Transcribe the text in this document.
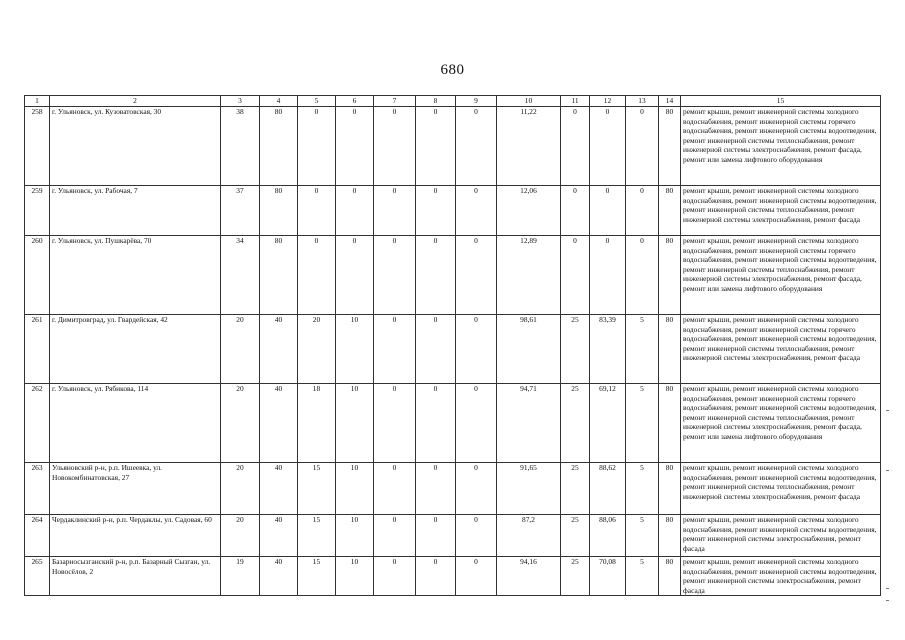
680
1	2	3	4	5	6	7	8	9	10	11	12	13	14	15
258	г. Ульяновск, ул. Кузоватовская, 30	38	80	0	0	0	0	0	11,22	0	0	0	80	ремонт крыши, ремонт инженерной системы холодного водоснабжения, ремонт инженерной системы горячего водоснабжения, ремонт инженерной системы водоотведения, ремонт инженерной системы теплоснабжения, ремонт инженерной системы электроснабжения, ремонт фасада, ремонт или замена лифтового оборудования
259	г. Ульяновск, ул. Рабочая, 7	37	80	0	0	0	0	0	12,06	0	0	0	80	ремонт крыши, ремонт инженерной системы холодного водоснабжения, ремонт инженерной системы водоотведения, ремонт инженерной системы теплоснабжения, ремонт инженерной системы электроснабжения, ремонт фасада
260	г. Ульяновск, ул. Пушкарёва, 70	34	80	0	0	0	0	0	12,89	0	0	0	80	ремонт крыши, ремонт инженерной системы холодного водоснабжения, ремонт инженерной системы горячего водоснабжения, ремонт инженерной системы водоотведения, ремонт инженерной системы теплоснабжения, ремонт инженерной системы электроснабжения, ремонт фасада, ремонт или замена лифтового оборудования
261	г. Димитровград, ул. Гвардейская, 42	20	40	20	10	0	0	0	98,61	25	83,39	5	80	ремонт крыши, ремонт инженерной системы холодного водоснабжения, ремонт инженерной системы горячего водоснабжения, ремонт инженерной системы водоотведения, ремонт инженерной системы теплоснабжения, ремонт инженерной системы электроснабжения, ремонт фасада
262	г. Ульяновск, ул. Рябикова, 114	20	40	18	10	0	0	0	94,71	25	69,12	5	80	ремонт крыши, ремонт инженерной системы холодного водоснабжения, ремонт инженерной системы горячего водоснабжения, ремонт инженерной системы водоотведения, ремонт инженерной системы теплоснабжения, ремонт инженерной системы электроснабжения, ремонт фасада, ремонт или замена лифтового оборудования
263	Ульяновский р-н, р.п. Ишеевка, ул. Новокомбинатовская, 27	20	40	15	10	0	0	0	91,65	25	88,62	5	80	ремонт крыши, ремонт инженерной системы холодного водоснабжения, ремонт инженерной системы водоотведения, ремонт инженерной системы теплоснабжения, ремонт инженерной системы электроснабжения, ремонт фасада
264	Чердаклинский р-н, р.п. Чердаклы, ул. Садовая, 60	20	40	15	10	0	0	0	87,2	25	88,06	5	80	ремонт крыши, ремонт инженерной системы холодного водоснабжения, ремонт инженерной системы водоотведения, ремонт инженерной системы электроснабжения, ремонт фасада
265	Базарносызганский р-н, р.п. Базарный Сызган, ул. Новосёлов, 2	19	40	15	10	0	0	0	94,16	25	70,08	5	80	ремонт крыши, ремонт инженерной системы холодного водоснабжения, ремонт инженерной системы водоотведения, ремонт инженерной системы электроснабжения, ремонт фасада
